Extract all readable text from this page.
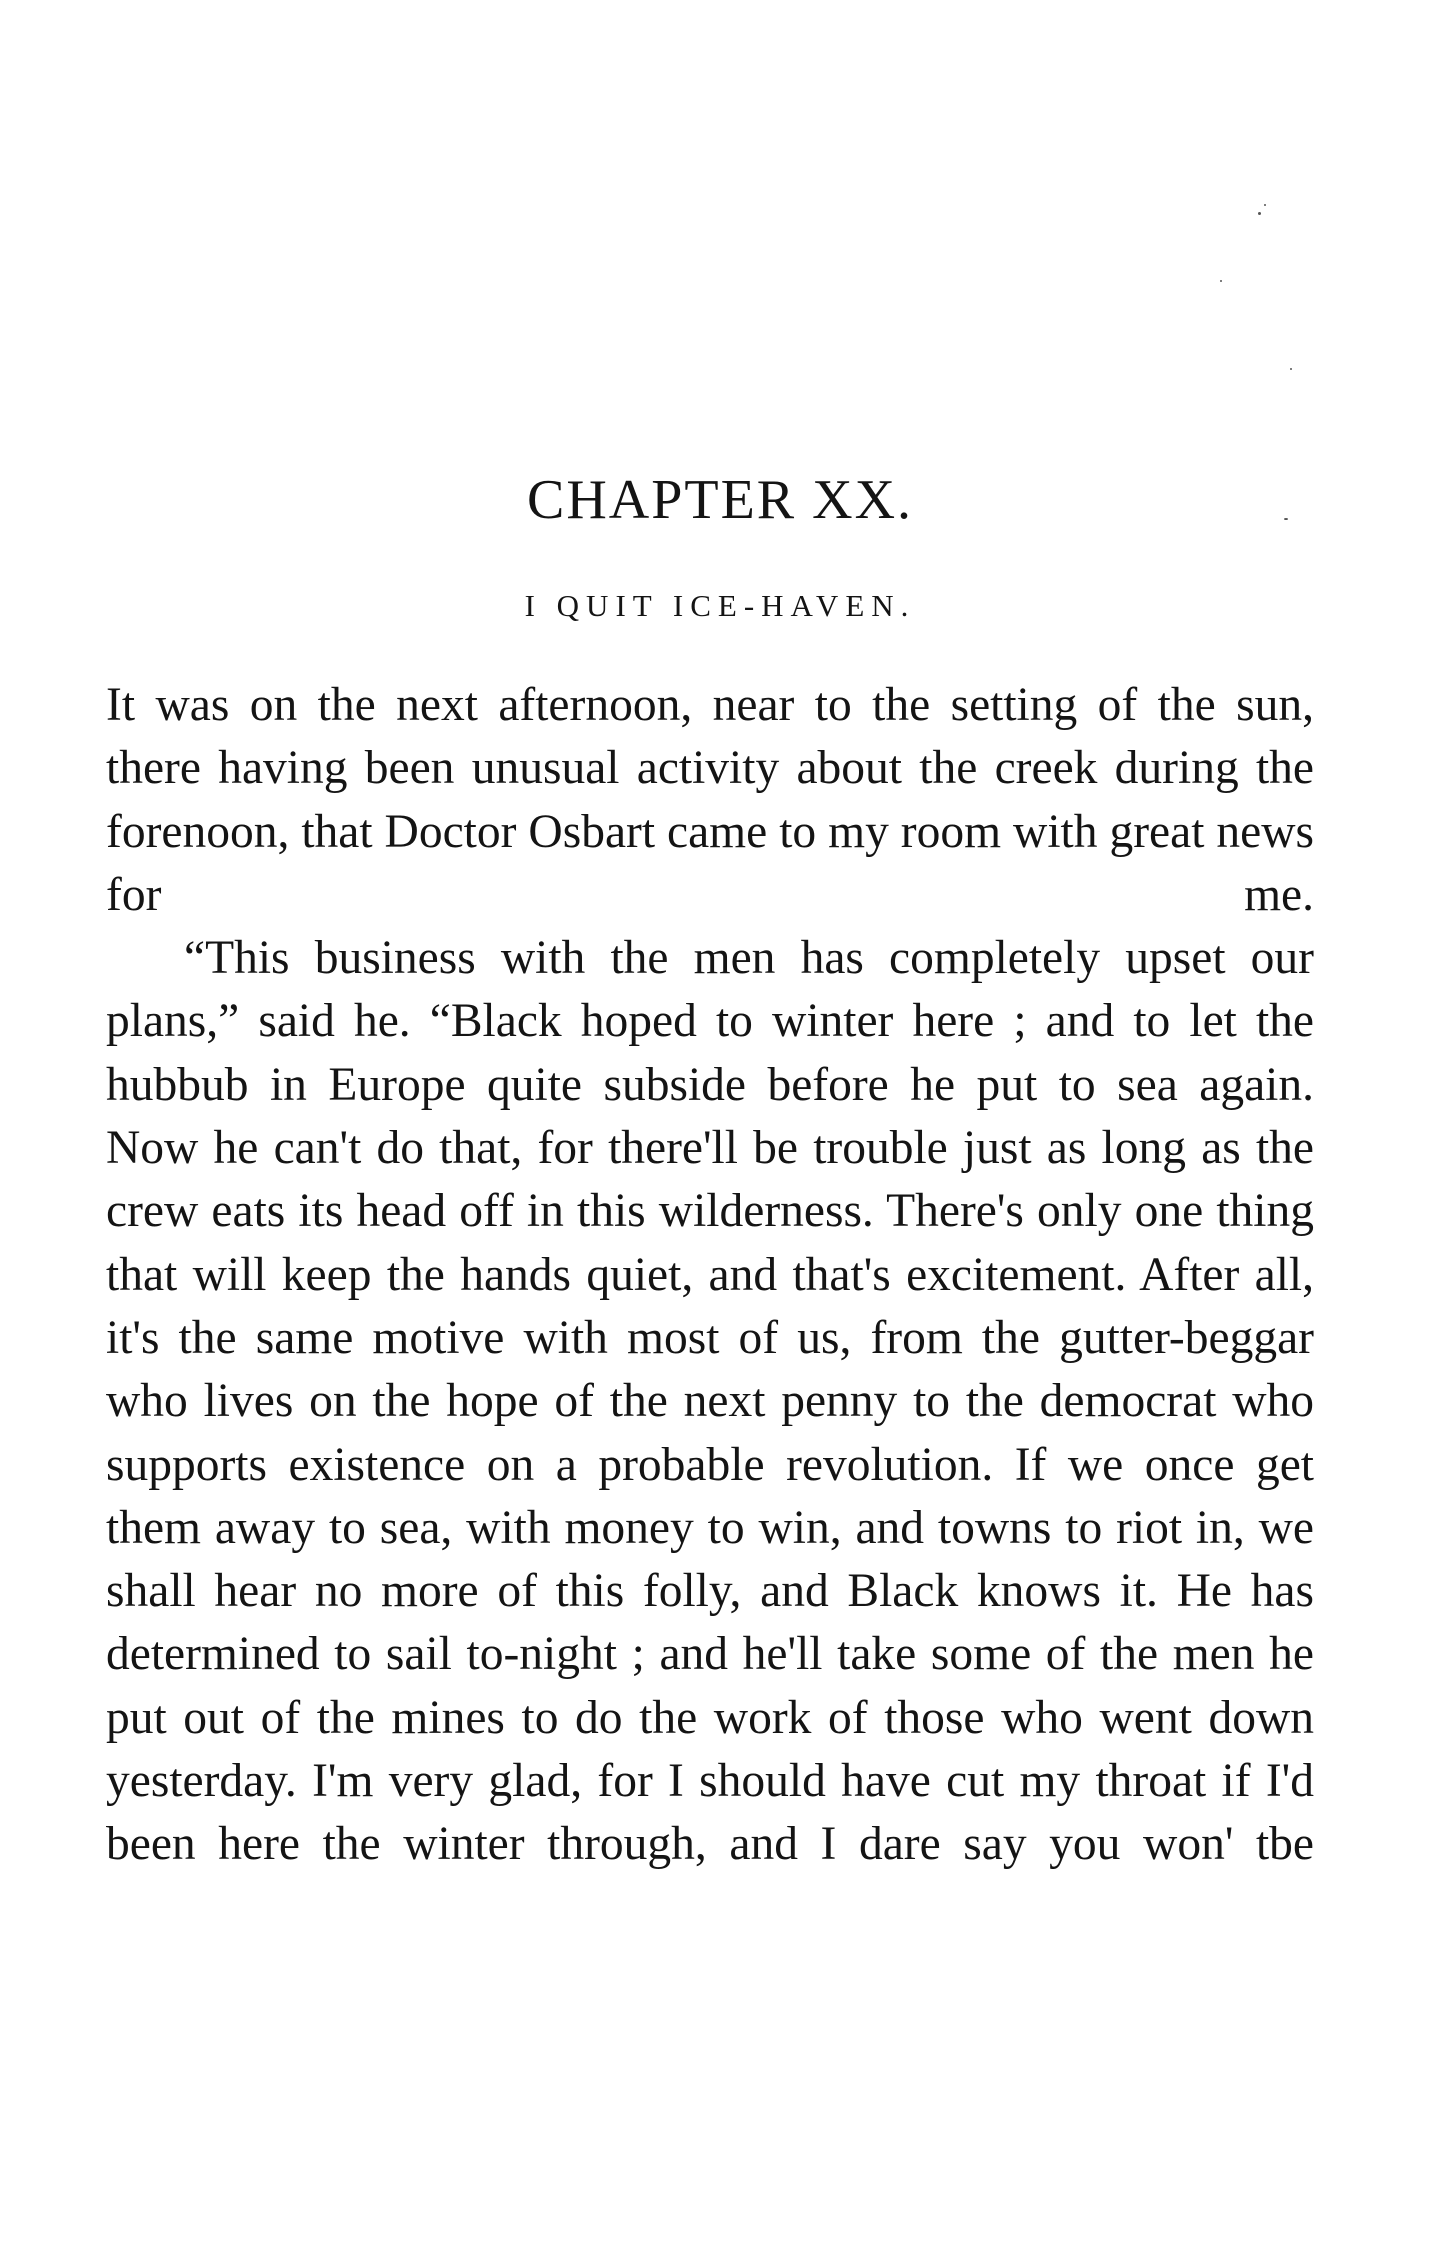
CHAPTER XX.
I QUIT ICE-HAVEN.

It was on the next afternoon, near to the setting of the sun, there having been unusual activity about the creek during the forenoon, that Doctor Osbart came to my room with great news for me.

“This business with the men has completely upset our plans,” said he. “Black hoped to winter here ; and to let the hubbub in Europe quite subside before he put to sea again. Now he can't do that, for there'll be trouble just as long as the crew eats its head off in this wilderness. There's only one thing that will keep the hands quiet, and that's excitement. After all, it's the same motive with most of us, from the gutter-beggar who lives on the hope of the next penny to the democrat who supports existence on a probable revolution. If we once get them away to sea, with money to win, and towns to riot in, we shall hear no more of this folly, and Black knows it. He has determined to sail to-night ; and he'll take some of the men he put out of the mines to do the work of those who went down yesterday. I'm very glad, for I should have cut my throat if I'd been here the winter through, and I dare say you won' tbe
